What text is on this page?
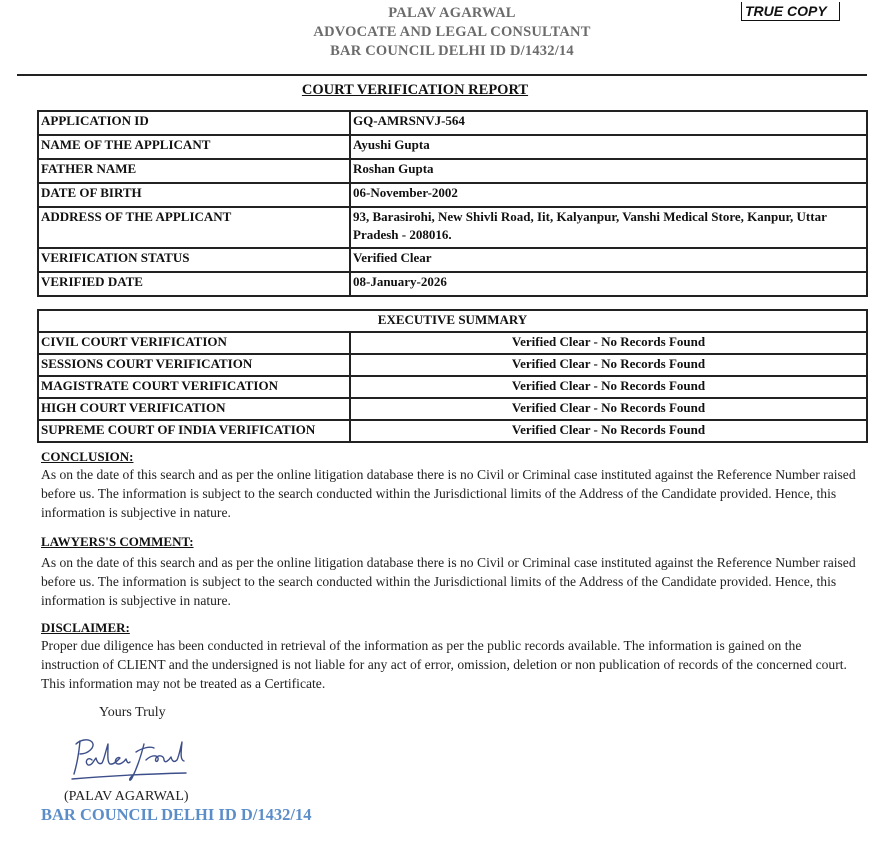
PALAV AGARWAL
ADVOCATE AND LEGAL CONSULTANT
BAR COUNCIL DELHI ID D/1432/14
TRUE COPY
COURT VERIFICATION REPORT
APPLICATION ID	GQ-AMRSNVJ-564
NAME OF THE APPLICANT	Ayushi Gupta
FATHER NAME	Roshan Gupta
DATE OF BIRTH	06-November-2002
ADDRESS OF THE APPLICANT	93, Barasirohi, New Shivli Road, Iit, Kalyanpur, Vanshi Medical Store, Kanpur, Uttar Pradesh - 208016.
VERIFICATION STATUS	Verified Clear
VERIFIED DATE	08-January-2026
EXECUTIVE SUMMARY	
CIVIL COURT VERIFICATION	Verified Clear - No Records Found
SESSIONS COURT VERIFICATION	Verified Clear - No Records Found
MAGISTRATE COURT VERIFICATION	Verified Clear - No Records Found
HIGH COURT VERIFICATION	Verified Clear - No Records Found
SUPREME COURT OF INDIA VERIFICATION	Verified Clear - No Records Found
CONCLUSION:
As on the date of this search and as per the online litigation database there is no Civil or Criminal case instituted against the Reference Number raised before us. The information is subject to the search conducted within the Jurisdictional limits of the Address of the Candidate provided. Hence, this information is subjective in nature.
LAWYERS'S COMMENT:
As on the date of this search and as per the online litigation database there is no Civil or Criminal case instituted against the Reference Number raised before us. The information is subject to the search conducted within the Jurisdictional limits of the Address of the Candidate provided. Hence, this information is subjective in nature.
DISCLAIMER:
Proper due diligence has been conducted in retrieval of the information as per the public records available. The information is gained on the instruction of CLIENT and the undersigned is not liable for any act of error, omission, deletion or non publication of records of the concerned court. This information may not be treated as a Certificate.
Yours Truly
(PALAV AGARWAL)
BAR COUNCIL DELHI ID D/1432/14
